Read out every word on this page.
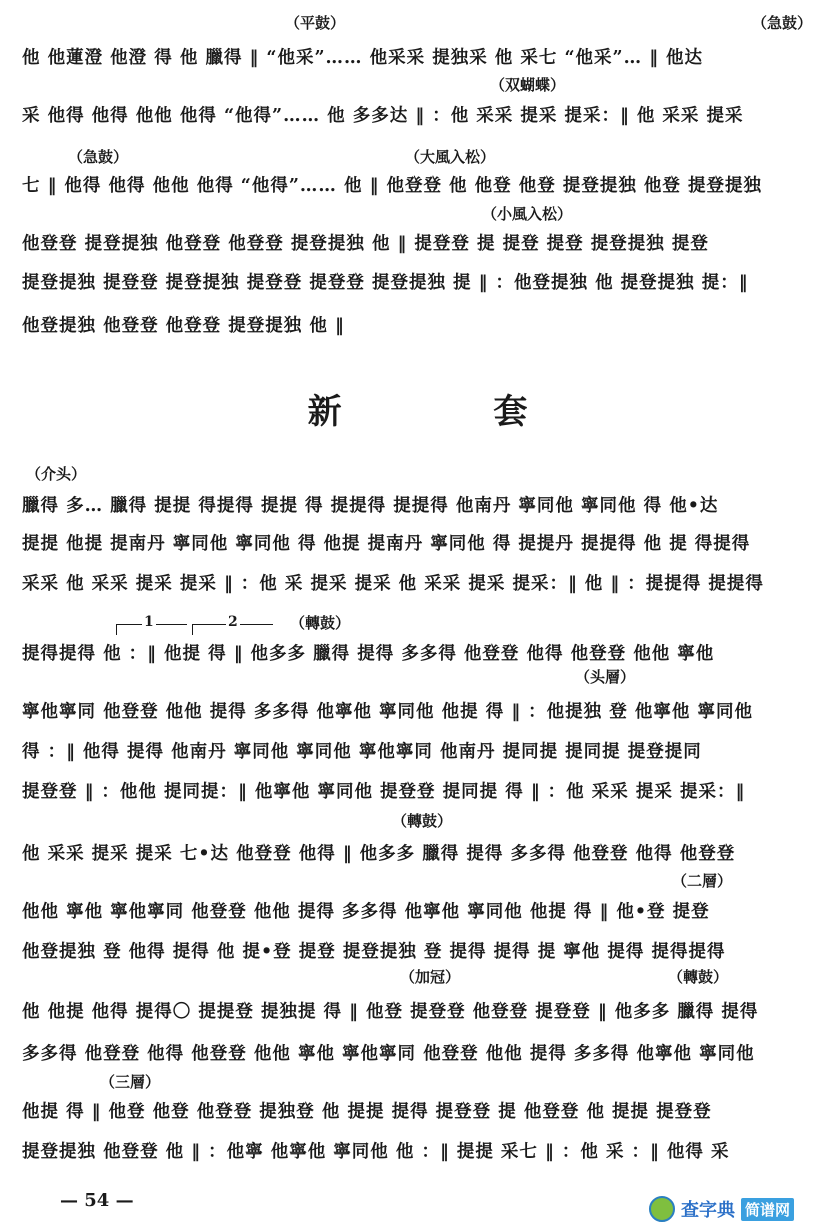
（平鼓）	（急鼓）
（双蝴蝶）
（急鼓）	（大風入松）
（小風入松）
他 他蓮澄 他澄 得 他 臘得 ‖ “他采”…… 他采采 提独采 他 采七 “他采”… ‖ 他达
采 他得 他得 他他 他得 “他得”…… 他 多多达 ‖ ：他 采采 提采 提采：‖ 他 采采 提采
七 ‖ 他得 他得 他他 他得 “他得”…… 他 ‖ 他登登 他 他登 他登 提登提独 他登 提登提独
他登登 提登提独 他登登 他登登 提登提独 他 ‖ 提登登 提 提登 提登 提登提独 提登
提登提独 提登登 提登提独 提登登 提登登 提登提独 提 ‖ ：他登提独 他 提登提独 提：‖
他登提独 他登登 他登登 提登提独 他 ‖
新 套
（介头）
臘得 多… 臘得 提提 得提得 提提 得 提提得 提提得 他南丹 寧同他 寧同他 得 他•达
提提 他提 提南丹 寧同他 寧同他 得 他提 提南丹 寧同他 得 提提丹 提提得 他 提 得提得
采采 他 采采 提采 提采 ‖ ：他 采 提采 提采 他 采采 提采 提采：‖ 他 ‖ ：提提得 提提得
1	2	（轉鼓）
提得提得 他 ：‖ 他提 得 ‖ 他多多 臘得 提得 多多得 他登登 他得 他登登 他他 寧他
（头層）
寧他寧同 他登登 他他 提得 多多得 他寧他 寧同他 他提 得 ‖ ：他提独 登 他寧他 寧同他
得 ：‖ 他得 提得 他南丹 寧同他 寧同他 寧他寧同 他南丹 提同提 提同提 提登提同
提登登 ‖ ：他他 提同提：‖ 他寧他 寧同他 提登登 提同提 得 ‖ ：他 采采 提采 提采：‖
（轉鼓）
他 采采 提采 提采 七•达 他登登 他得 ‖ 他多多 臘得 提得 多多得 他登登 他得 他登登
（二層）
他他 寧他 寧他寧同 他登登 他他 提得 多多得 他寧他 寧同他 他提 得 ‖ 他•登 提登
他登提独 登 他得 提得 他 提•登 提登 提登提独 登 提得 提得 提 寧他 提得 提得提得
（加冠）	（轉鼓）
他 他提 他得 提得〇 提提登 提独提 得 ‖ 他登 提登登 他登登 提登登 ‖ 他多多 臘得 提得
多多得 他登登 他得 他登登 他他 寧他 寧他寧同 他登登 他他 提得 多多得 他寧他 寧同他
（三層）
他提 得 ‖ 他登 他登 他登登 提独登 他 提提 提得 提登登 提 他登登 他 提提 提登登
提登提独 他登登 他 ‖ ：他寧 他寧他 寧同他 他 ：‖ 提提 采七 ‖ ：他 采 ：‖ 他得 采
— 54 —	查字典 简谱网
